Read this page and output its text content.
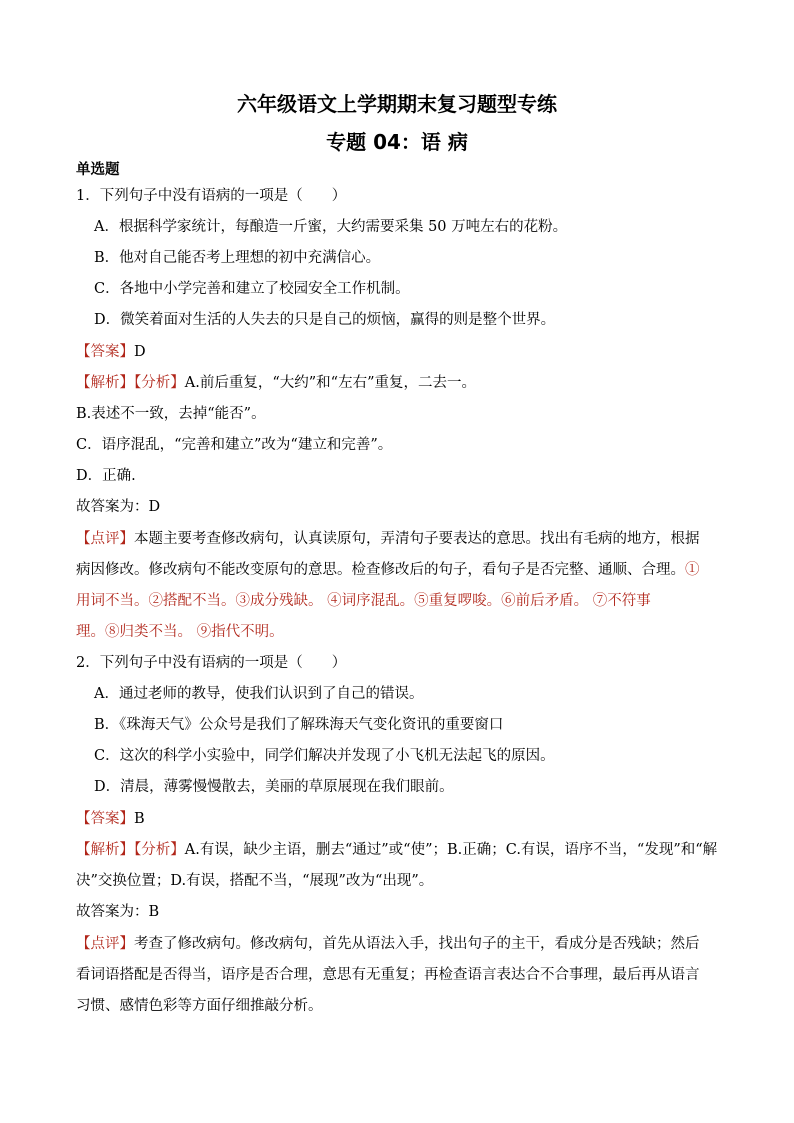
六年级语文上学期期末复习题型专练
专题 04：语 病
单选题
1．下列句子中没有语病的一项是（　　）
A．根据科学家统计，每酿造一斤蜜，大约需要采集 50 万吨左右的花粉。
B．他对自己能否考上理想的初中充满信心。
C．各地中小学完善和建立了校园安全工作机制。
D．微笑着面对生活的人失去的只是自己的烦恼，赢得的则是整个世界。
【答案】D
【解析】【分析】A.前后重复，“大约”和“左右”重复，二去一。
B.表述不一致，去掉“能否”。
C．语序混乱，“完善和建立”改为“建立和完善”。
D．正确.
故答案为：D
【点评】本题主要考查修改病句，认真读原句，弄清句子要表达的意思。找出有毛病的地方，根据
病因修改。修改病句不能改变原句的意思。检查修改后的句子，看句子是否完整、通顺、合理。①
用词不当。②搭配不当。③成分残缺。 ④词序混乱。⑤重复啰唆。⑥前后矛盾。 ⑦不符事
理。⑧归类不当。 ⑨指代不明。
2．下列句子中没有语病的一项是（　　）
A．通过老师的教导，使我们认识到了自己的错误。
B．《珠海天气》公众号是我们了解珠海天气变化资讯的重要窗口
C．这次的科学小实验中，同学们解决并发现了小飞机无法起飞的原因。
D．清晨，薄雾慢慢散去，美丽的草原展现在我们眼前。
【答案】B
【解析】【分析】A.有误，缺少主语，删去“通过”或“使”；B.正确；C.有误，语序不当，“发现”和“解
决”交换位置；D.有误，搭配不当，“展现”改为“出现”。
故答案为：B
【点评】考查了修改病句。修改病句，首先从语法入手，找出句子的主干，看成分是否残缺；然后
看词语搭配是否得当，语序是否合理，意思有无重复；再检查语言表达合不合事理，最后再从语言
习惯、感情色彩等方面仔细推敲分析。
